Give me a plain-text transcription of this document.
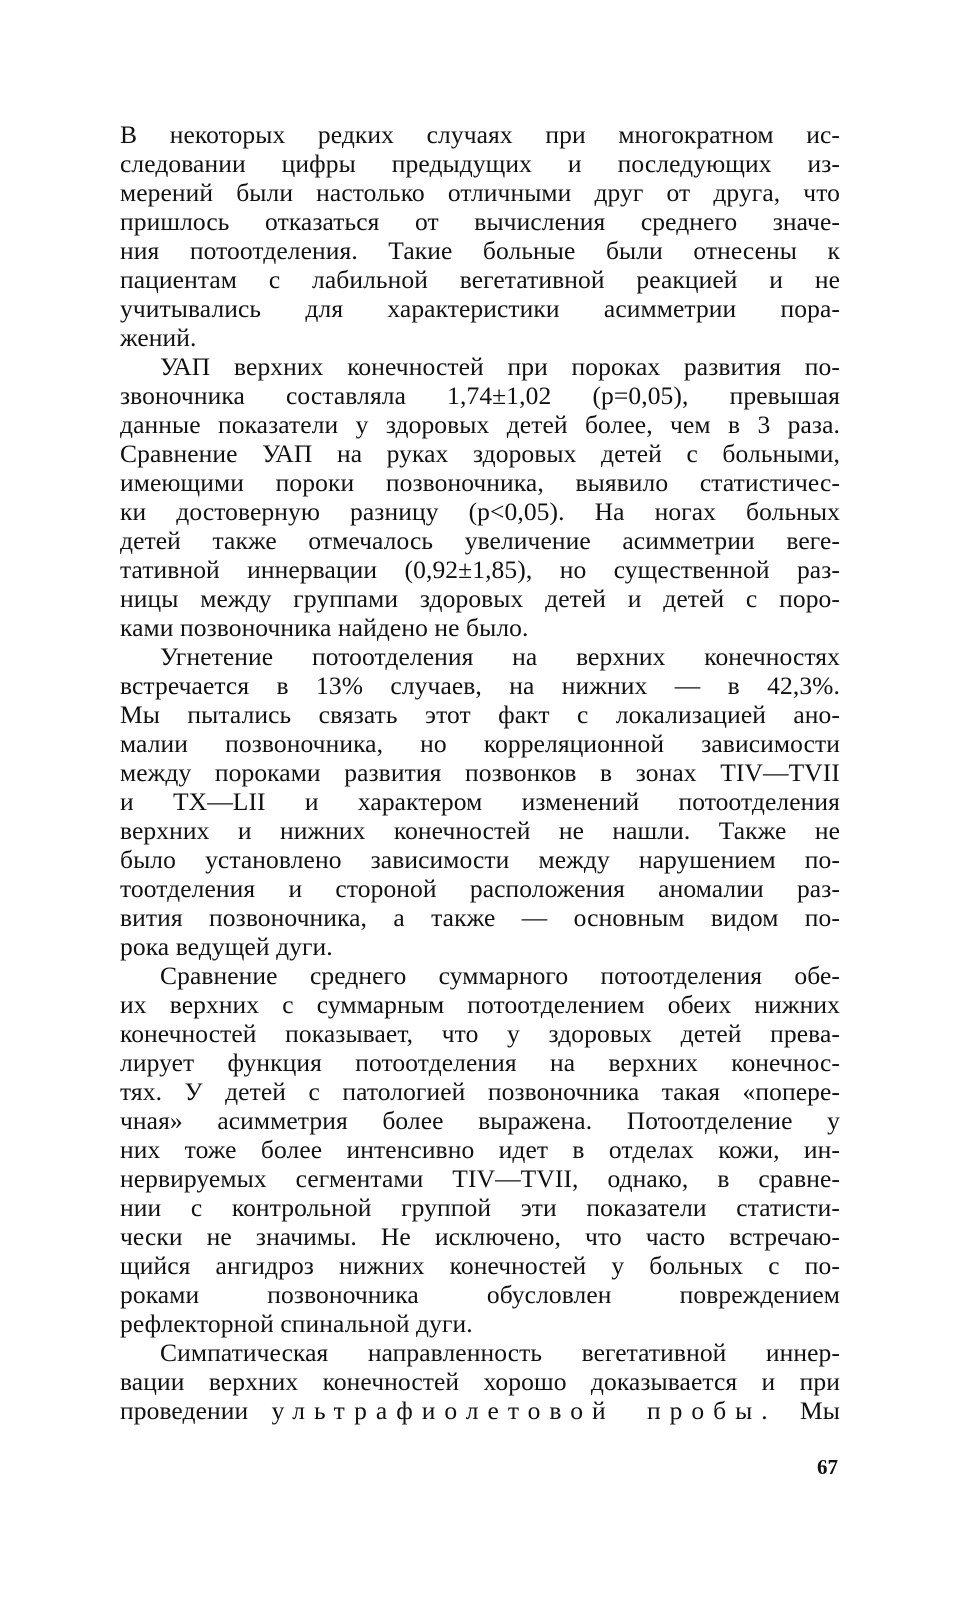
В некоторых редких случаях при многократном ис-
следовании цифры предыдущих и последующих из-
мерений были настолько отличными друг от друга, что
пришлось отказаться от вычисления среднего значе-
ния потоотделения. Такие больные были отнесены к
пациентам с лабильной вегетативной реакцией и не
учитывались для характеристики асимметрии пора-
жений.
УАП верхних конечностей при пороках развития по-
звоночника составляла 1,74±1,02 (p=0,05), превышая
данные показатели у здоровых детей более, чем в 3 раза.
Сравнение УАП на руках здоровых детей с больными,
имеющими пороки позвоночника, выявило статистичес-
ки достоверную разницу (p<0,05). На ногах больных
детей также отмечалось увеличение асимметрии веге-
тативной иннервации (0,92±1,85), но существенной раз-
ницы между группами здоровых детей и детей с поро-
ками позвоночника найдено не было.
Угнетение потоотделения на верхних конечностях
встречается в 13% случаев, на нижних — в 42,3%.
Мы пытались связать этот факт с локализацией ано-
малии позвоночника, но корреляционной зависимости
между пороками развития позвонков в зонах TIV—TVII
и TX—LII и характером изменений потоотделения
верхних и нижних конечностей не нашли. Также не
было установлено зависимости между нарушением по-
тоотделения и стороной расположения аномалии раз-
вития позвоночника, а также — основным видом по-
рока ведущей дуги.
Сравнение среднего суммарного потоотделения обе-
их верхних с суммарным потоотделением обеих нижних
конечностей показывает, что у здоровых детей прева-
лирует функция потоотделения на верхних конечнос-
тях. У детей с патологией позвоночника такая «попере-
чная» асимметрия более выражена. Потоотделение у
них тоже более интенсивно идет в отделах кожи, ин-
нервируемых сегментами TIV—TVII, однако, в сравне-
нии с контрольной группой эти показатели статисти-
чески не значимы. Не исключено, что часто встречаю-
щийся ангидроз нижних конечностей у больных с по-
роками позвоночника обусловлен повреждением
рефлекторной спинальной дуги.
Симпатическая направленность вегетативной иннер-
вации верхних конечностей хорошо доказывается и при
проведении ультрафиолетовой пробы. Мы
67
